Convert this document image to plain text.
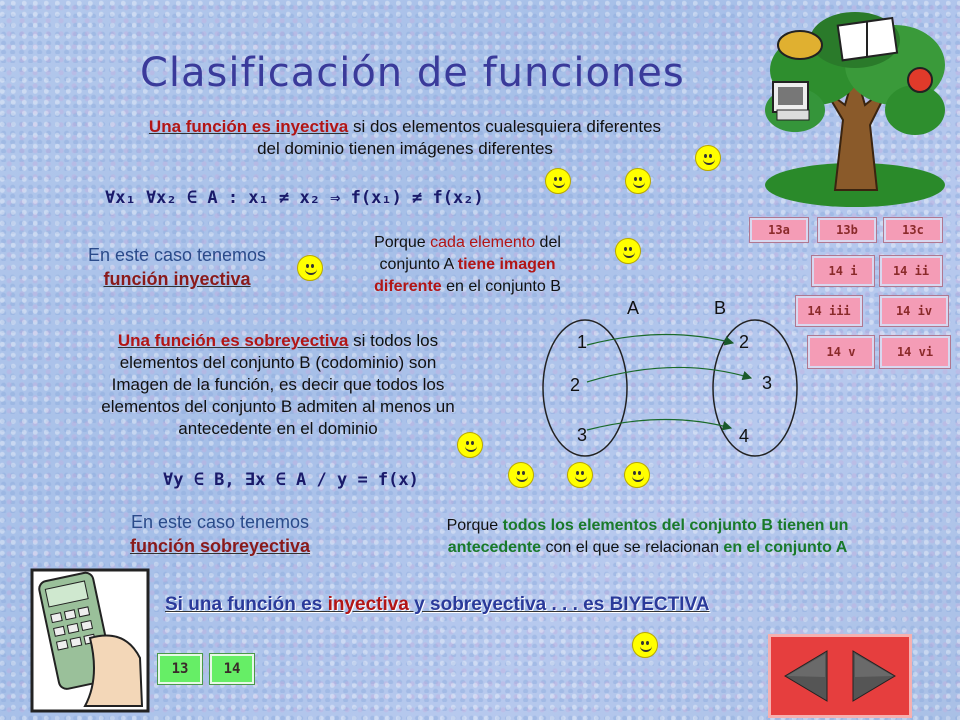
Clasificación de funciones
Una función es inyectiva si dos elementos cualesquiera diferentes
del dominio tienen imágenes diferentes
∀x₁ ∀x₂ ∈ A : x₁ ≠ x₂ ⇒ f(x₁) ≠ f(x₂)
En este caso tenemos
función inyectiva
Porque cada elemento del
conjunto A tiene imagen
diferente en el conjunto B
A	B
1
2
3
2
3
4
Una función es sobreyectiva si todos los
elementos del conjunto B (codominio) son
Imagen de la función, es decir que todos los
elementos del conjunto B admiten al menos un
antecedente en el dominio
∀y ∈ B, ∃x ∈ A / y = f(x)
En este caso tenemos
función sobreyectiva
Porque todos los elementos del conjunto B tienen un
antecedente con el que se relacionan en el conjunto A
Si una función es inyectiva y sobreyectiva . . . es BIYECTIVA
13a	13b	13c
14 i	14 ii
14 iii	14 iv
14 v	14 vi
13	14
